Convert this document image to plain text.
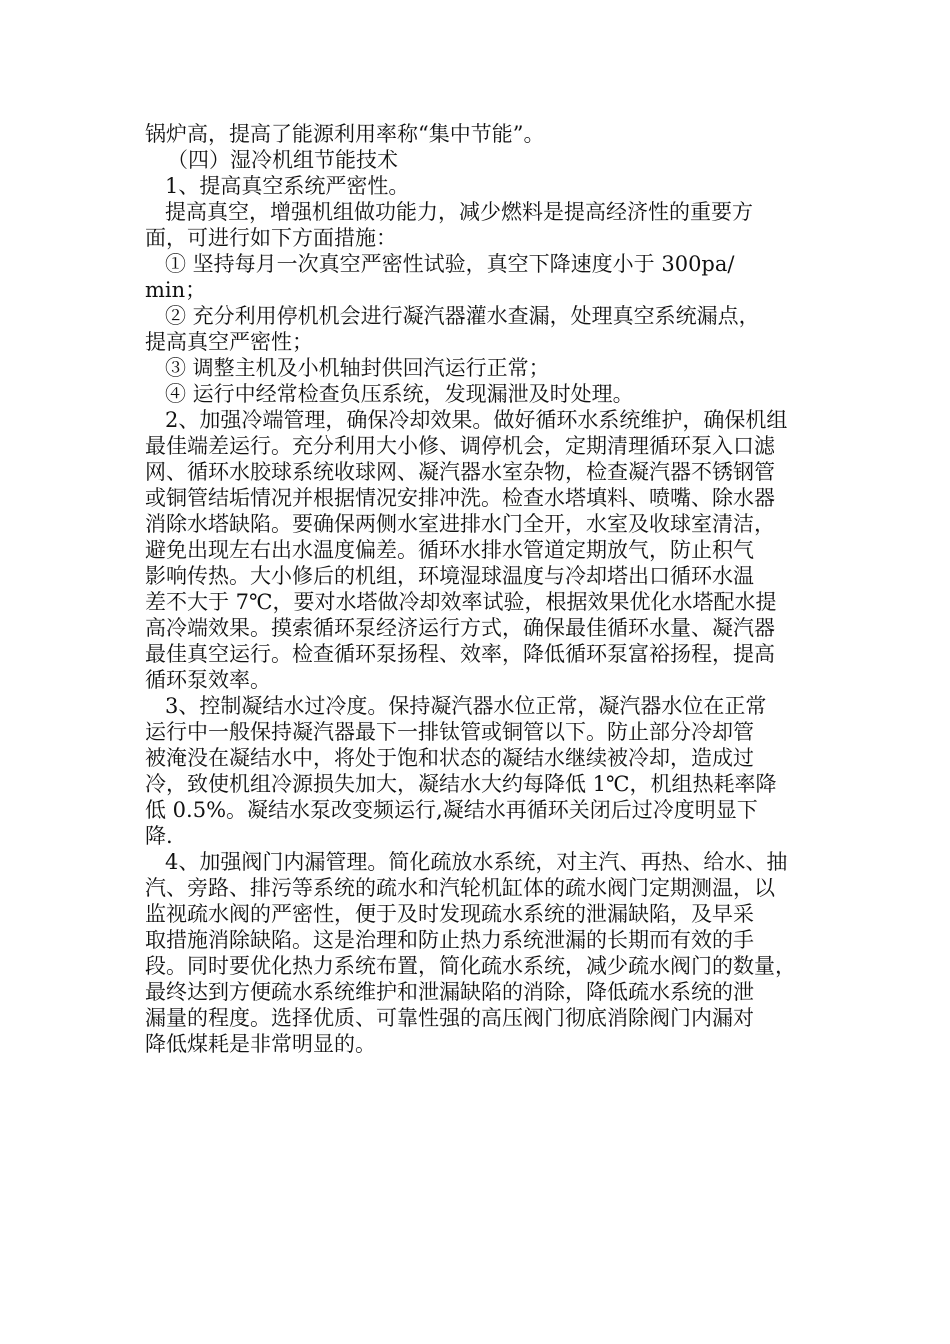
锅炉高，提高了能源利用率称“集中节能”。
（四）湿冷机组节能技术
1、提高真空系统严密性。
提高真空，增强机组做功能力，减少燃料是提高经济性的重要方
面，可进行如下方面措施：
① 坚持每月一次真空严密性试验，真空下降速度小于 300pa/
min；
② 充分利用停机机会进行凝汽器灌水查漏，处理真空系统漏点，
提高真空严密性；
③ 调整主机及小机轴封供回汽运行正常；
④ 运行中经常检查负压系统，发现漏泄及时处理。
2、加强冷端管理，确保冷却效果。做好循环水系统维护，确保机组
最佳端差运行。充分利用大小修、调停机会，定期清理循环泵入口滤
网、循环水胶球系统收球网、凝汽器水室杂物，检查凝汽器不锈钢管
或铜管结垢情况并根据情况安排冲洗。检查水塔填料、喷嘴、除水器
消除水塔缺陷。要确保两侧水室进排水门全开，水室及收球室清洁，
避免出现左右出水温度偏差。循环水排水管道定期放气，防止积气
影响传热。大小修后的机组，环境湿球温度与冷却塔出口循环水温
差不大于 7℃，要对水塔做冷却效率试验，根据效果优化水塔配水提
高冷端效果。摸索循环泵经济运行方式，确保最佳循环水量、凝汽器
最佳真空运行。检查循环泵扬程、效率，降低循环泵富裕扬程，提高
循环泵效率。
3、控制凝结水过冷度。保持凝汽器水位正常，凝汽器水位在正常
运行中一般保持凝汽器最下一排钛管或铜管以下。防止部分冷却管
被淹没在凝结水中，将处于饱和状态的凝结水继续被冷却，造成过
冷，致使机组冷源损失加大，凝结水大约每降低 1℃，机组热耗率降
低 0.5%。凝结水泵改变频运行,凝结水再循环关闭后过冷度明显下
降.
4、加强阀门内漏管理。简化疏放水系统，对主汽、再热、给水、抽
汽、旁路、排污等系统的疏水和汽轮机缸体的疏水阀门定期测温，以
监视疏水阀的严密性，便于及时发现疏水系统的泄漏缺陷，及早采
取措施消除缺陷。这是治理和防止热力系统泄漏的长期而有效的手
段。同时要优化热力系统布置，简化疏水系统，减少疏水阀门的数量，
最终达到方便疏水系统维护和泄漏缺陷的消除，降低疏水系统的泄
漏量的程度。选择优质、可靠性强的高压阀门彻底消除阀门内漏对
降低煤耗是非常明显的。
